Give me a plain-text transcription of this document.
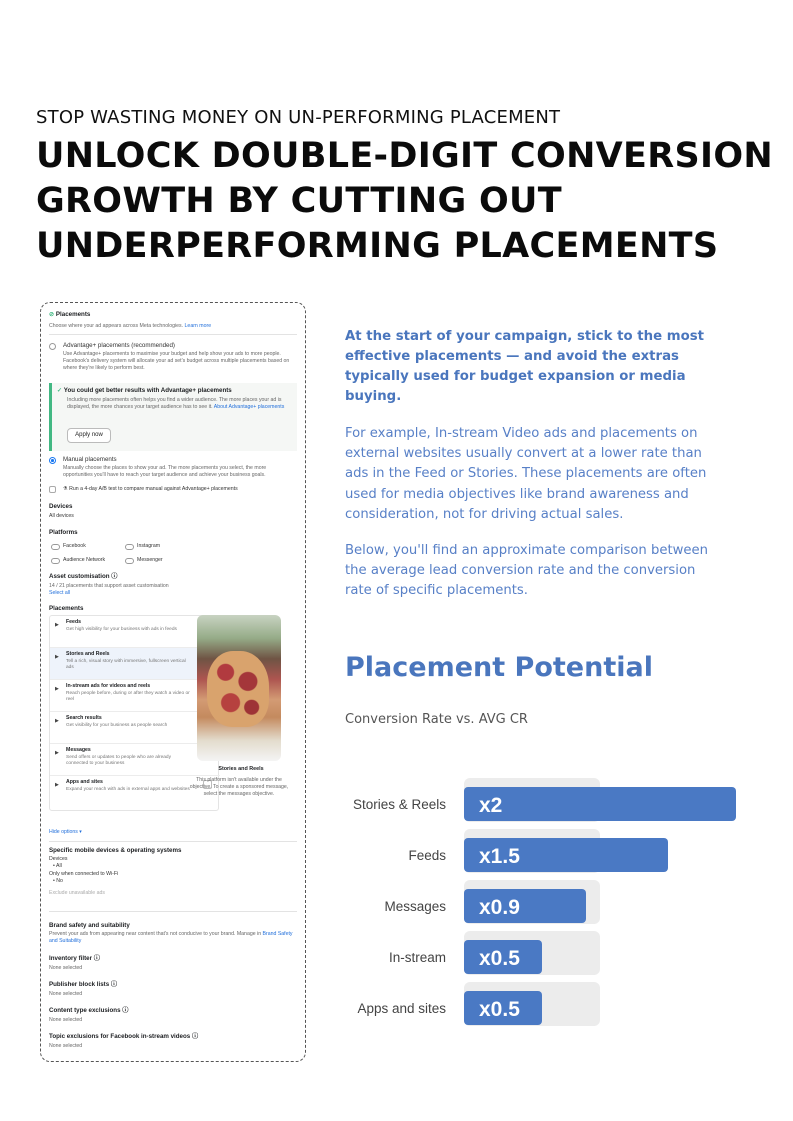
STOP WASTING MONEY ON UN-PERFORMING PLACEMENT
UNLOCK DOUBLE-DIGIT CONVERSION GROWTH BY CUTTING OUT UNDERPERFORMING PLACEMENTS
⊘ Placements
Choose where your ad appears across Meta technologies. Learn more
Advantage+ placements (recommended)
Use Advantage+ placements to maximise your budget and help show your ads to more people. Facebook's delivery system will allocate your ad set's budget across multiple placements based on where they're likely to perform best.
✓ You could get better results with Advantage+ placements
Including more placements often helps you find a wider audience. The more places your ad is displayed, the more chances your target audience has to see it. About Advantage+ placements
Apply now
Manual placements
Manually choose the places to show your ad. The more placements you select, the more opportunities you'll have to reach your target audience and achieve your business goals.
⚗ Run a 4-day A/B test to compare manual against Advantage+ placements
Devices
All devices
Platforms
Facebook	Instagram
Audience Network	Messenger
Asset customisation ⓘ
14 / 21 placements that support asset customisation
Select all
Placements
▶ Feeds
Get high visibility for your business with ads in feeds
✓
▶ Stories and Reels
Tell a rich, visual story with immersive, fullscreen vertical ads
▶ In-stream ads for videos and reels
Reach people before, during or after they watch a video or reel
▶ Search results
Get visibility for your business as people search
▶ Messages
Send offers or updates to people who are already connected to your business
▶ Apps and sites
Expand your reach with ads in external apps and websites
Stories and Reels
This platform isn't available under the objective. To create a sponsored message, select the messages objective.
Hide options ▾
Specific mobile devices & operating systems
Devices
• All
Only when connected to Wi-Fi
• No
Exclude unavailable ads
Brand safety and suitability
Prevent your ads from appearing near content that's not conducive to your brand. Manage in Brand Safety and Suitability
Inventory filter ⓘ
None selected
Publisher block lists ⓘ
None selected
Content type exclusions ⓘ
None selected
Topic exclusions for Facebook in-stream videos ⓘ
None selected
At the start of your campaign, stick to the most effective placements — and avoid the extras typically used for budget expansion or media buying.
For example, In-stream Video ads and placements on external websites usually convert at a lower rate than ads in the Feed or Stories. These placements are often used for media objectives like brand awareness and consideration, not for driving actual sales.
Below, you'll find an approximate comparison between the average lead conversion rate and the conversion rate of specific placements.
Placement Potential
Conversion Rate vs. AVG CR
x2
Stories & Reels
x1.5
Feeds
x0.9
Messages
x0.5
In-stream
x0.5
Apps and sites
